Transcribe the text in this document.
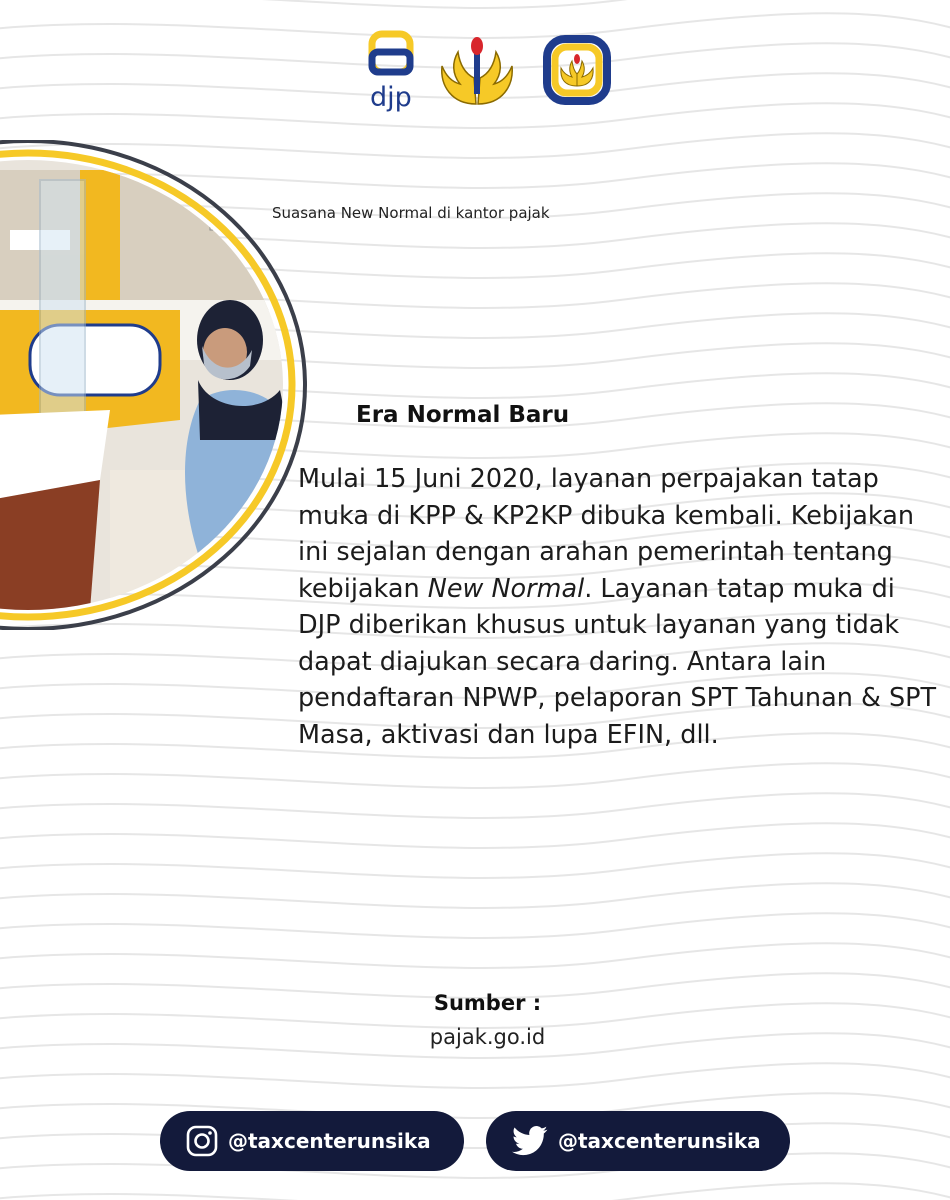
djp
Suasana New Normal di kantor pajak
Era Normal Baru
Mulai 15 Juni 2020, layanan perpajakan tatap muka di KPP & KP2KP dibuka kembali. Kebijakan ini sejalan dengan arahan pemerintah tentang kebijakan New Normal. Layanan tatap muka di DJP diberikan khusus untuk layanan yang tidak dapat diajukan secara daring. Antara lain pendaftaran NPWP, pelaporan SPT Tahunan & SPT Masa, aktivasi dan lupa EFIN, dll.
Sumber :
pajak.go.id
@taxcenterunsika	@taxcenterunsika
